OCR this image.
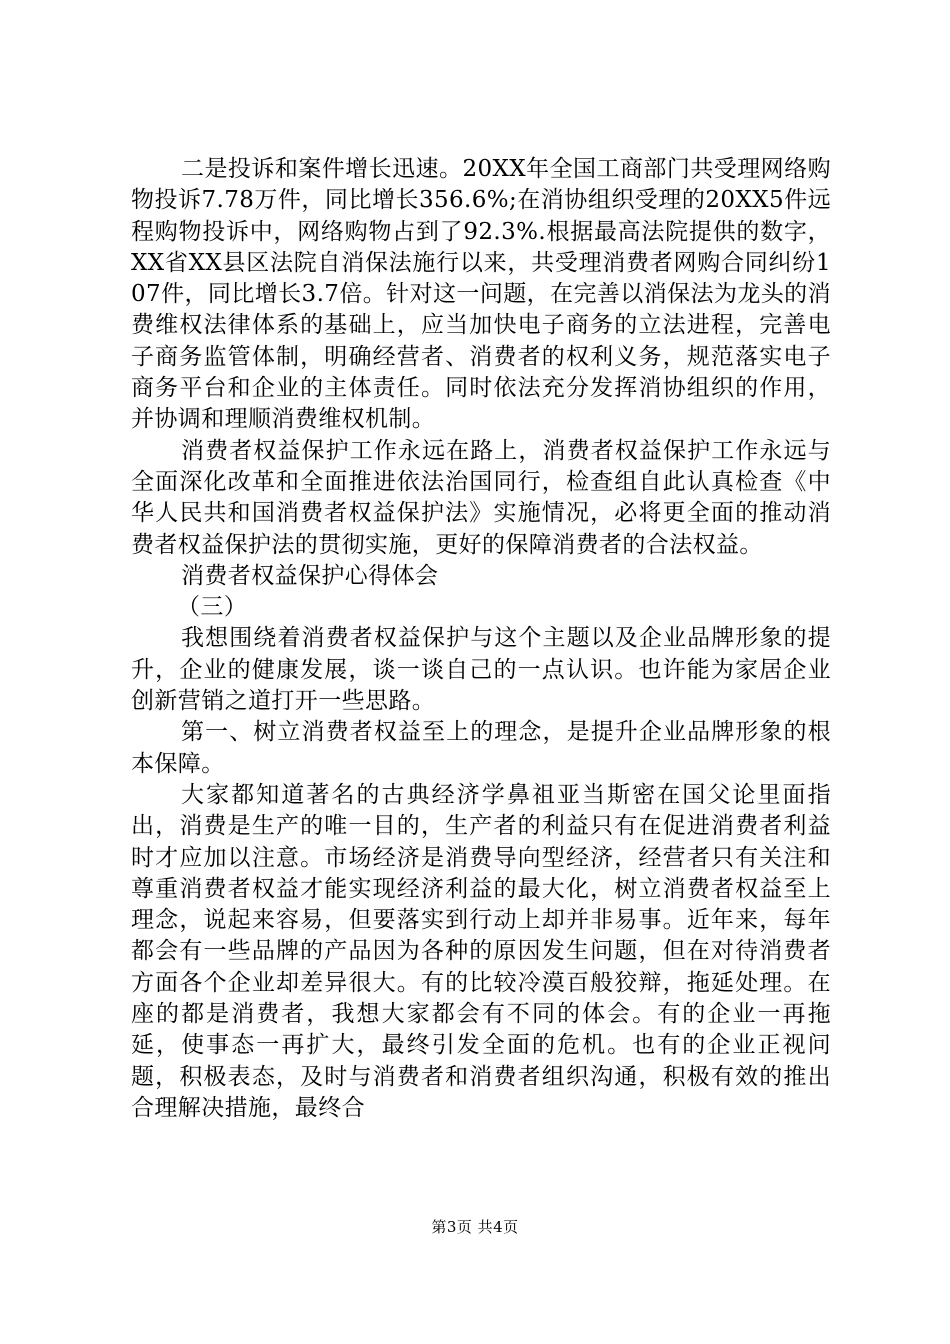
二是投诉和案件增长迅速。20XX年全国工商部门共受理网络购物投诉7.78万件，同比增长356.6%;在消协组织受理的20XX5件远程购物投诉中，网络购物占到了92.3%.根据最高法院提供的数字，XX省XX县区法院自消保法施行以来，共受理消费者网购合同纠纷107件，同比增长3.7倍。针对这一问题，在完善以消保法为龙头的消费维权法律体系的基础上，应当加快电子商务的立法进程，完善电子商务监管体制，明确经营者、消费者的权利义务，规范落实电子商务平台和企业的主体责任。同时依法充分发挥消协组织的作用，并协调和理顺消费维权机制。

消费者权益保护工作永远在路上，消费者权益保护工作永远与全面深化改革和全面推进依法治国同行，检查组自此认真检查《中华人民共和国消费者权益保护法》实施情况，必将更全面的推动消费者权益保护法的贯彻实施，更好的保障消费者的合法权益。

消费者权益保护心得体会

（三）

我想围绕着消费者权益保护与这个主题以及企业品牌形象的提升，企业的健康发展，谈一谈自己的一点认识。也许能为家居企业创新营销之道打开一些思路。

第一、树立消费者权益至上的理念，是提升企业品牌形象的根本保障。

大家都知道著名的古典经济学鼻祖亚当斯密在国父论里面指出，消费是生产的唯一目的，生产者的利益只有在促进消费者利益时才应加以注意。市场经济是消费导向型经济，经营者只有关注和尊重消费者权益才能实现经济利益的最大化，树立消费者权益至上理念，说起来容易，但要落实到行动上却并非易事。近年来，每年都会有一些品牌的产品因为各种的原因发生问题，但在对待消费者方面各个企业却差异很大。有的比较冷漠百般狡辩，拖延处理。在座的都是消费者，我想大家都会有不同的体会。有的企业一再拖延，使事态一再扩大，最终引发全面的危机。也有的企业正视问题，积极表态，及时与消费者和消费者组织沟通，积极有效的推出合理解决措施，最终合

第3页 共4页
